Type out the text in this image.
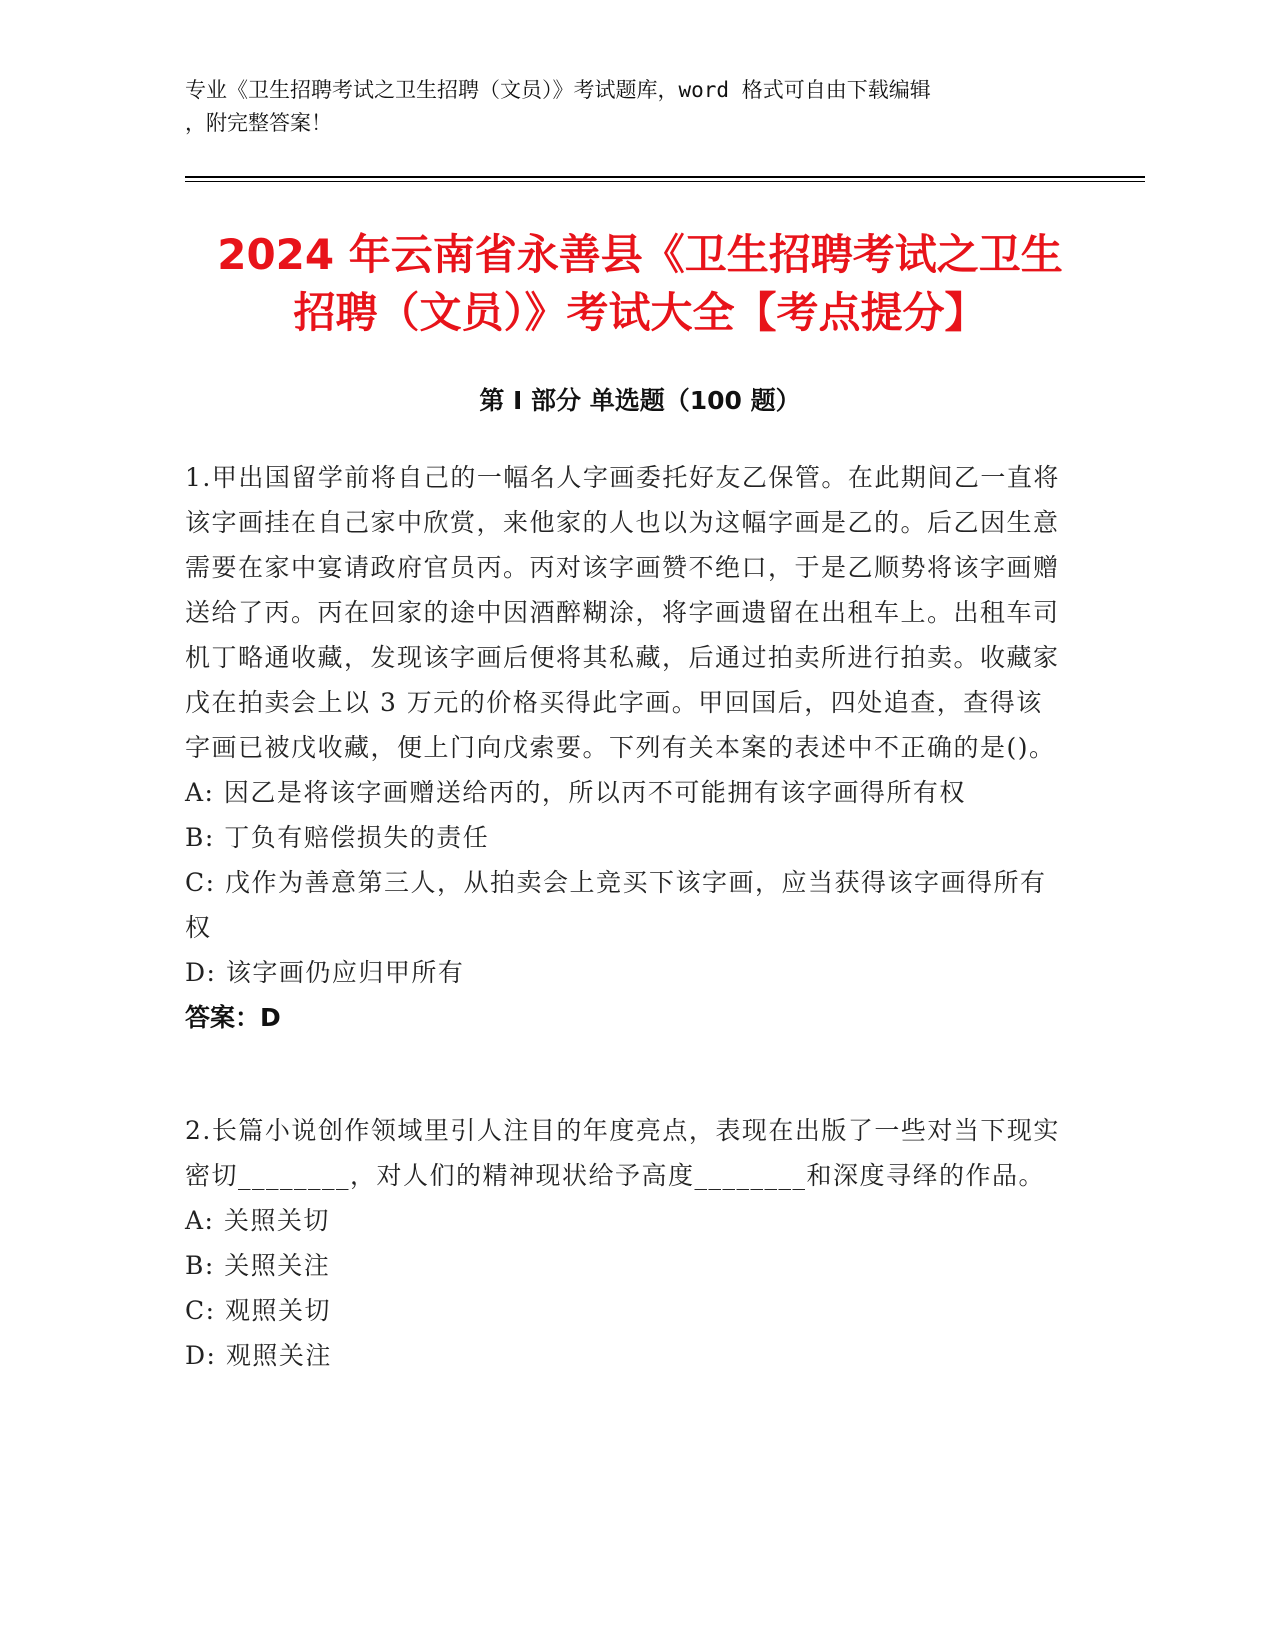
专业《卫生招聘考试之卫生招聘（文员）》考试题库，word 格式可自由下载编辑
，附完整答案！
2024 年云南省永善县《卫生招聘考试之卫生
招聘（文员）》考试大全【考点提分】
第 I 部分 单选题（100 题）

1.甲出国留学前将自己的一幅名人字画委托好友乙保管。在此期间乙一直将该字画挂在自己家中欣赏，来他家的人也以为这幅字画是乙的。后乙因生意需要在家中宴请政府官员丙。丙对该字画赞不绝口，于是乙顺势将该字画赠送给了丙。丙在回家的途中因酒醉糊涂，将字画遗留在出租车上。出租车司机丁略通收藏，发现该字画后便将其私藏，后通过拍卖所进行拍卖。收藏家戊在拍卖会上以 3 万元的价格买得此字画。甲回国后，四处追查，查得该字画已被戊收藏，便上门向戊索要。下列有关本案的表述中不正确的是()。

A: 因乙是将该字画赠送给丙的，所以丙不可能拥有该字画得所有权

B: 丁负有赔偿损失的责任

C: 戊作为善意第三人，从拍卖会上竞买下该字画，应当获得该字画得所有权

D: 该字画仍应归甲所有

答案：D

2.长篇小说创作领域里引人注目的年度亮点，表现在出版了一些对当下现实密切________，对人们的精神现状给予高度________和深度寻绎的作品。

A: 关照关切

B: 关照关注

C: 观照关切

D: 观照关注
